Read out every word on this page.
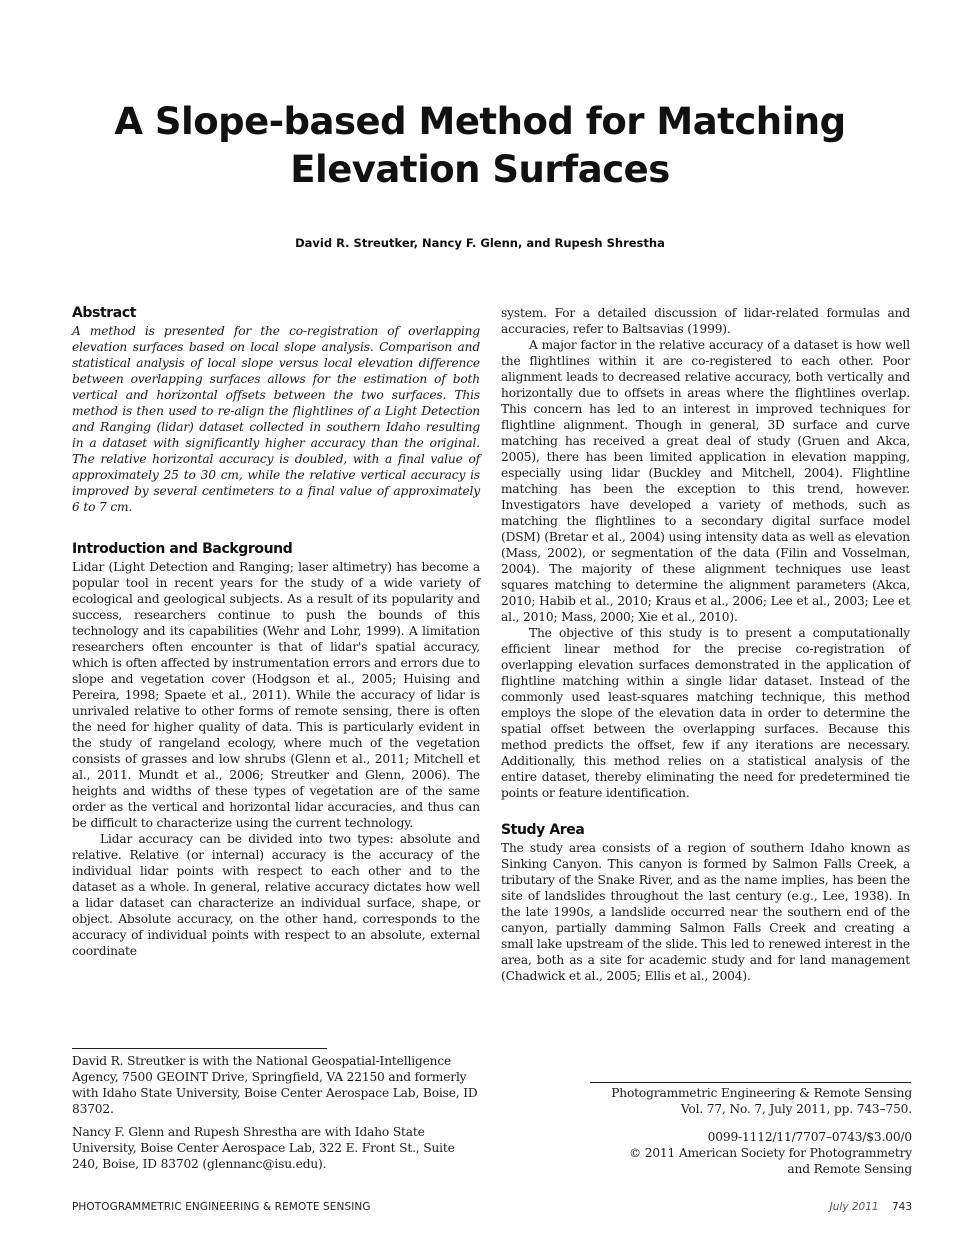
A Slope-based Method for Matching
Elevation Surfaces
David R. Streutker, Nancy F. Glenn, and Rupesh Shrestha
Abstract

A method is presented for the co-registration of overlapping elevation surfaces based on local slope analysis. Comparison and statistical analysis of local slope versus local elevation difference between overlapping surfaces allows for the estimation of both vertical and horizontal offsets between the two surfaces. This method is then used to re-align the flightlines of a Light Detection and Ranging (lidar) dataset collected in southern Idaho resulting in a dataset with significantly higher accuracy than the original. The relative horizontal accuracy is doubled, with a final value of approximately 25 to 30 cm, while the relative vertical accuracy is improved by several centimeters to a final value of approximately 6 to 7 cm.

Introduction and Background

Lidar (Light Detection and Ranging; laser altimetry) has become a popular tool in recent years for the study of a wide variety of ecological and geological subjects. As a result of its popularity and success, researchers continue to push the bounds of this technology and its capabilities (Wehr and Lohr, 1999). A limitation researchers often encounter is that of lidar's spatial accuracy, which is often affected by instrumentation errors and errors due to slope and vegetation cover (Hodgson et al., 2005; Huising and Pereira, 1998; Spaete et al., 2011). While the accuracy of lidar is unrivaled relative to other forms of remote sensing, there is often the need for higher quality of data. This is particularly evident in the study of rangeland ecology, where much of the vegetation consists of grasses and low shrubs (Glenn et al., 2011; Mitchell et al., 2011. Mundt et al., 2006; Streutker and Glenn, 2006). The heights and widths of these types of vegetation are of the same order as the vertical and horizontal lidar accuracies, and thus can be difficult to characterize using the current technology.

Lidar accuracy can be divided into two types: absolute and relative. Relative (or internal) accuracy is the accuracy of the individual lidar points with respect to each other and to the dataset as a whole. In general, relative accuracy dictates how well a lidar dataset can characterize an individual surface, shape, or object. Absolute accuracy, on the other hand, corresponds to the accuracy of individual points with respect to an absolute, external coordinate

system. For a detailed discussion of lidar-related formulas and accuracies, refer to Baltsavias (1999).

A major factor in the relative accuracy of a dataset is how well the flightlines within it are co-registered to each other. Poor alignment leads to decreased relative accuracy, both vertically and horizontally due to offsets in areas where the flightlines overlap. This concern has led to an interest in improved techniques for flightline alignment. Though in general, 3D surface and curve matching has received a great deal of study (Gruen and Akca, 2005), there has been limited application in elevation mapping, especially using lidar (Buckley and Mitchell, 2004). Flightline matching has been the exception to this trend, however. Investigators have developed a variety of methods, such as matching the flightlines to a secondary digital surface model (DSM) (Bretar et al., 2004) using intensity data as well as elevation (Mass, 2002), or segmentation of the data (Filin and Vosselman, 2004). The majority of these alignment techniques use least squares matching to determine the alignment parameters (Akca, 2010; Habib et al., 2010; Kraus et al., 2006; Lee et al., 2003; Lee et al., 2010; Mass, 2000; Xie et al., 2010).

The objective of this study is to present a computationally efficient linear method for the precise co-registration of overlapping elevation surfaces demonstrated in the application of flightline matching within a single lidar dataset. Instead of the commonly used least-squares matching technique, this method employs the slope of the elevation data in order to determine the spatial offset between the overlapping surfaces. Because this method predicts the offset, few if any iterations are necessary. Additionally, this method relies on a statistical analysis of the entire dataset, thereby eliminating the need for predetermined tie points or feature identification.

Study Area

The study area consists of a region of southern Idaho known as Sinking Canyon. This canyon is formed by Salmon Falls Creek, a tributary of the Snake River, and as the name implies, has been the site of landslides throughout the last century (e.g., Lee, 1938). In the late 1990s, a landslide occurred near the southern end of the canyon, partially damming Salmon Falls Creek and creating a small lake upstream of the slide. This led to renewed interest in the area, both as a site for academic study and for land management (Chadwick et al., 2005; Ellis et al., 2004).

David R. Streutker is with the National Geospatial-Intelligence Agency, 7500 GEOINT Drive, Springfield, VA 22150 and formerly with Idaho State University, Boise Center Aerospace Lab, Boise, ID 83702.

Nancy F. Glenn and Rupesh Shrestha are with Idaho State University, Boise Center Aerospace Lab, 322 E. Front St., Suite 240, Boise, ID 83702 (glennanc@isu.edu).

Photogrammetric Engineering & Remote Sensing
Vol. 77, No. 7, July 2011, pp. 743–750.
0099-1112/11/7707–0743/$3.00/0
© 2011 American Society for Photogrammetry
and Remote Sensing
PHOTOGRAMMETRIC ENGINEERING & REMOTE SENSING	July 2011 743
